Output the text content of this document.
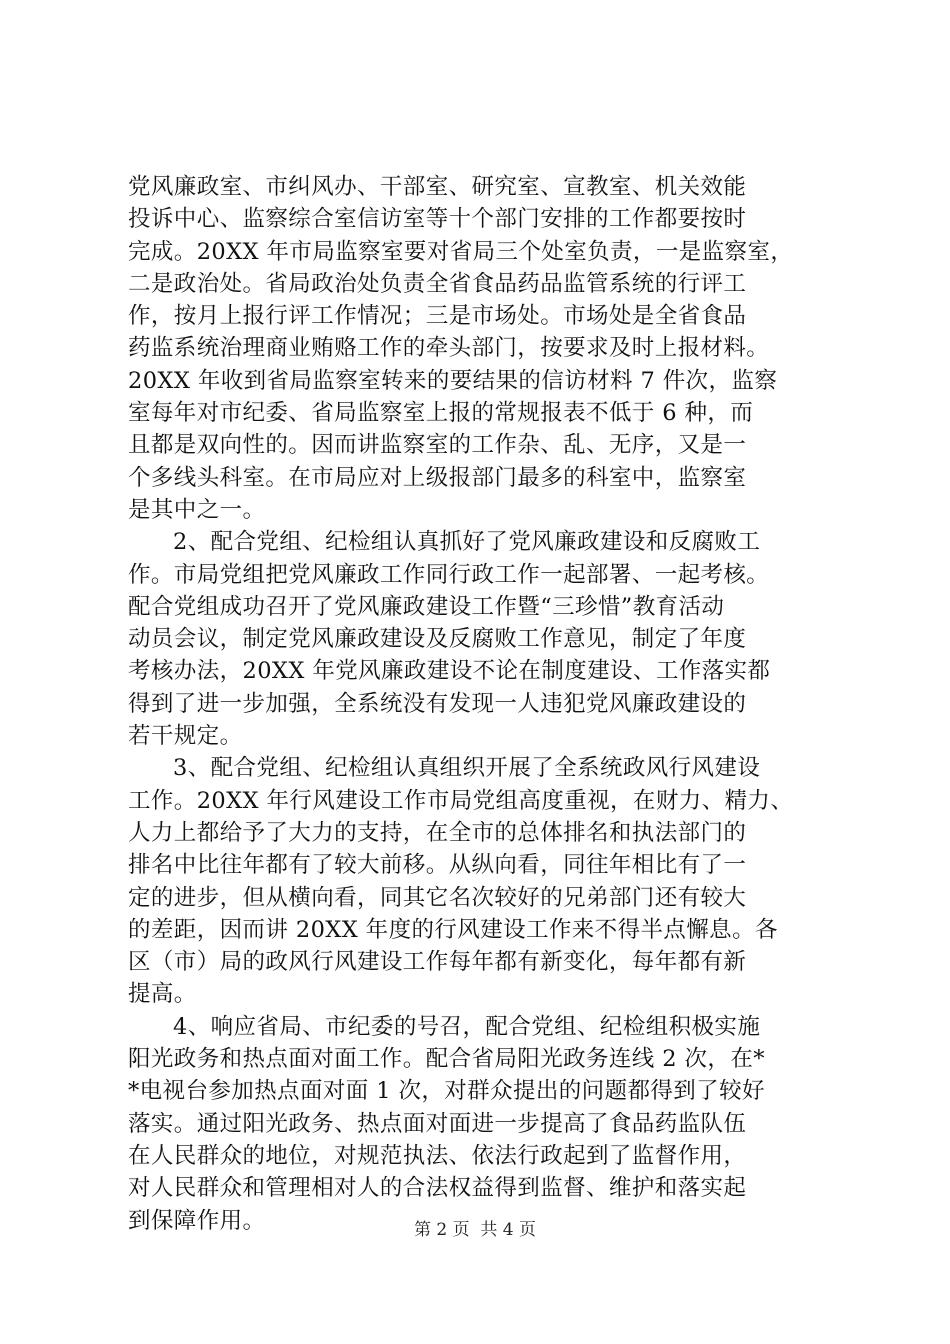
党风廉政室、市纠风办、干部室、研究室、宣教室、机关效能
投诉中心、监察综合室信访室等十个部门安排的工作都要按时
完成。20XX 年市局监察室要对省局三个处室负责，一是监察室，
二是政治处。省局政治处负责全省食品药品监管系统的行评工
作，按月上报行评工作情况；三是市场处。市场处是全省食品
药监系统治理商业贿赂工作的牵头部门，按要求及时上报材料。
20XX 年收到省局监察室转来的要结果的信访材料 7 件次，监察
室每年对市纪委、省局监察室上报的常规报表不低于 6 种，而
且都是双向性的。因而讲监察室的工作杂、乱、无序，又是一
个多线头科室。在市局应对上级报部门最多的科室中，监察室
是其中之一。
2、配合党组、纪检组认真抓好了党风廉政建设和反腐败工
作。市局党组把党风廉政工作同行政工作一起部署、一起考核。
配合党组成功召开了党风廉政建设工作暨“三珍惜”教育活动
动员会议，制定党风廉政建设及反腐败工作意见，制定了年度
考核办法，20XX 年党风廉政建设不论在制度建设、工作落实都
得到了进一步加强，全系统没有发现一人违犯党风廉政建设的
若干规定。
3、配合党组、纪检组认真组织开展了全系统政风行风建设
工作。20XX 年行风建设工作市局党组高度重视，在财力、精力、
人力上都给予了大力的支持，在全市的总体排名和执法部门的
排名中比往年都有了较大前移。从纵向看，同往年相比有了一
定的进步，但从横向看，同其它名次较好的兄弟部门还有较大
的差距，因而讲 20XX 年度的行风建设工作来不得半点懈息。各
区（市）局的政风行风建设工作每年都有新变化，每年都有新
提高。
4、响应省局、市纪委的号召，配合党组、纪检组积极实施
阳光政务和热点面对面工作。配合省局阳光政务连线 2 次，在*
*电视台参加热点面对面 1 次，对群众提出的问题都得到了较好
落实。通过阳光政务、热点面对面进一步提高了食品药监队伍
在人民群众的地位，对规范执法、依法行政起到了监督作用，
对人民群众和管理相对人的合法权益得到监督、维护和落实起
到保障作用。	第 2 页  共 4 页
